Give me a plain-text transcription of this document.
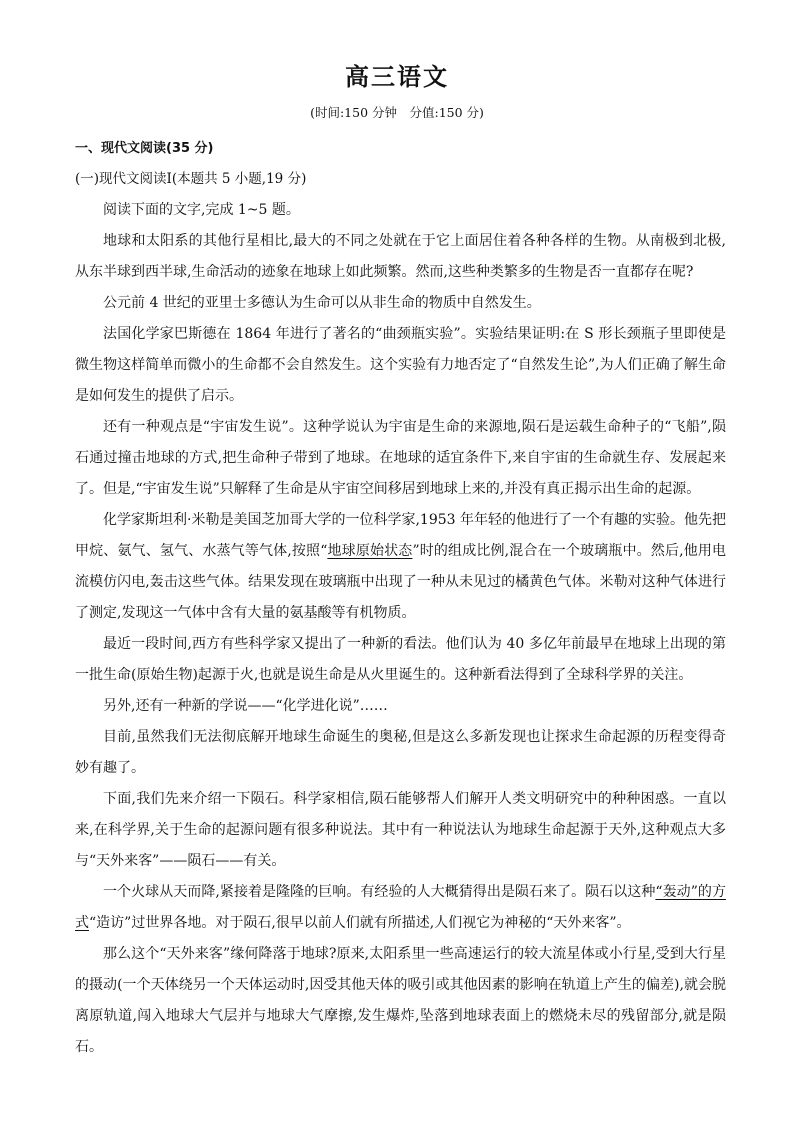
高三语文
(时间:150 分钟　分值:150 分)

一、现代文阅读(35 分)

(一)现代文阅读Ⅰ(本题共 5 小题,19 分)

阅读下面的文字,完成 1~5 题。

地球和太阳系的其他行星相比,最大的不同之处就在于它上面居住着各种各样的生物。从南极到北极,从东半球到西半球,生命活动的迹象在地球上如此频繁。然而,这些种类繁多的生物是否一直都存在呢?

公元前 4 世纪的亚里士多德认为生命可以从非生命的物质中自然发生。

法国化学家巴斯德在 1864 年进行了著名的“曲颈瓶实验”。实验结果证明:在 S 形长颈瓶子里即使是微生物这样简单而微小的生命都不会自然发生。这个实验有力地否定了“自然发生论”,为人们正确了解生命是如何发生的提供了启示。

还有一种观点是“宇宙发生说”。这种学说认为宇宙是生命的来源地,陨石是运载生命种子的“飞船”,陨石通过撞击地球的方式,把生命种子带到了地球。在地球的适宜条件下,来自宇宙的生命就生存、发展起来了。但是,“宇宙发生说”只解释了生命是从宇宙空间移居到地球上来的,并没有真正揭示出生命的起源。

化学家斯坦利·米勒是美国芝加哥大学的一位科学家,1953 年年轻的他进行了一个有趣的实验。他先把甲烷、氨气、氢气、水蒸气等气体,按照“地球原始状态”时的组成比例,混合在一个玻璃瓶中。然后,他用电流模仿闪电,轰击这些气体。结果发现在玻璃瓶中出现了一种从未见过的橘黄色气体。米勒对这种气体进行了测定,发现这一气体中含有大量的氨基酸等有机物质。

最近一段时间,西方有些科学家又提出了一种新的看法。他们认为 40 多亿年前最早在地球上出现的第一批生命(原始生物)起源于火,也就是说生命是从火里诞生的。这种新看法得到了全球科学界的关注。

另外,还有一种新的学说——“化学进化说”……

目前,虽然我们无法彻底解开地球生命诞生的奥秘,但是这么多新发现也让探求生命起源的历程变得奇妙有趣了。

下面,我们先来介绍一下陨石。科学家相信,陨石能够帮人们解开人类文明研究中的种种困惑。一直以来,在科学界,关于生命的起源问题有很多种说法。其中有一种说法认为地球生命起源于天外,这种观点大多与“天外来客”——陨石——有关。

一个火球从天而降,紧接着是隆隆的巨响。有经验的人大概猜得出是陨石来了。陨石以这种“轰动”的方式“造访”过世界各地。对于陨石,很早以前人们就有所描述,人们视它为神秘的“天外来客”。

那么这个“天外来客”缘何降落于地球?原来,太阳系里一些高速运行的较大流星体或小行星,受到大行星的摄动(一个天体绕另一个天体运动时,因受其他天体的吸引或其他因素的影响在轨道上产生的偏差),就会脱离原轨道,闯入地球大气层并与地球大气摩擦,发生爆炸,坠落到地球表面上的燃烧未尽的残留部分,就是陨石。
